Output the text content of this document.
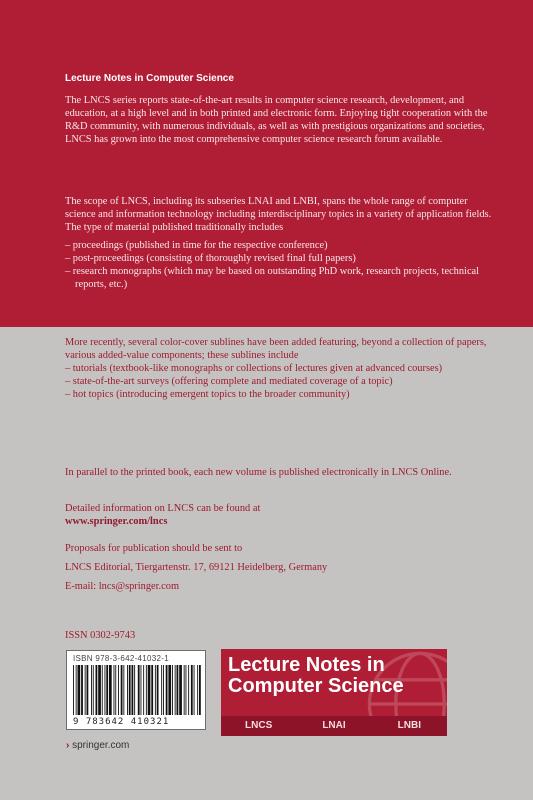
Lecture Notes in Computer Science

The LNCS series reports state-of-the-art results in computer science research, development, and education, at a high level and in both printed and electronic form. Enjoying tight cooperation with the R&D community, with numerous individuals, as well as with prestigious organizations and societies, LNCS has grown into the most comprehensive computer science research forum available.

The scope of LNCS, including its subseries LNAI and LNBI, spans the whole range of computer science and information technology including interdisciplinary topics in a variety of application fields. The type of material published traditionally includes

– proceedings (published in time for the respective conference)
– post-proceedings (consisting of thoroughly revised final full papers)
– research monographs (which may be based on outstanding PhD work, research projects, technical reports, etc.)

More recently, several color-cover sublines have been added featuring, beyond a collection of papers, various added-value components; these sublines include

– tutorials (textbook-like monographs or collections of lectures given at advanced courses)
– state-of-the-art surveys (offering complete and mediated coverage of a topic)
– hot topics (introducing emergent topics to the broader community)

In parallel to the printed book, each new volume is published electronically in LNCS Online.

Detailed information on LNCS can be found at

www.springer.com/lncs

Proposals for publication should be sent to

LNCS Editorial, Tiergartenstr. 17, 69121 Heidelberg, Germany

E-mail: lncs@springer.com

ISSN 0302-9743
ISBN 978-3-642-41032-1
9 783642 410321
Lecture Notes in
Computer Science
LNCS	LNAI	LNBI
› springer.com
